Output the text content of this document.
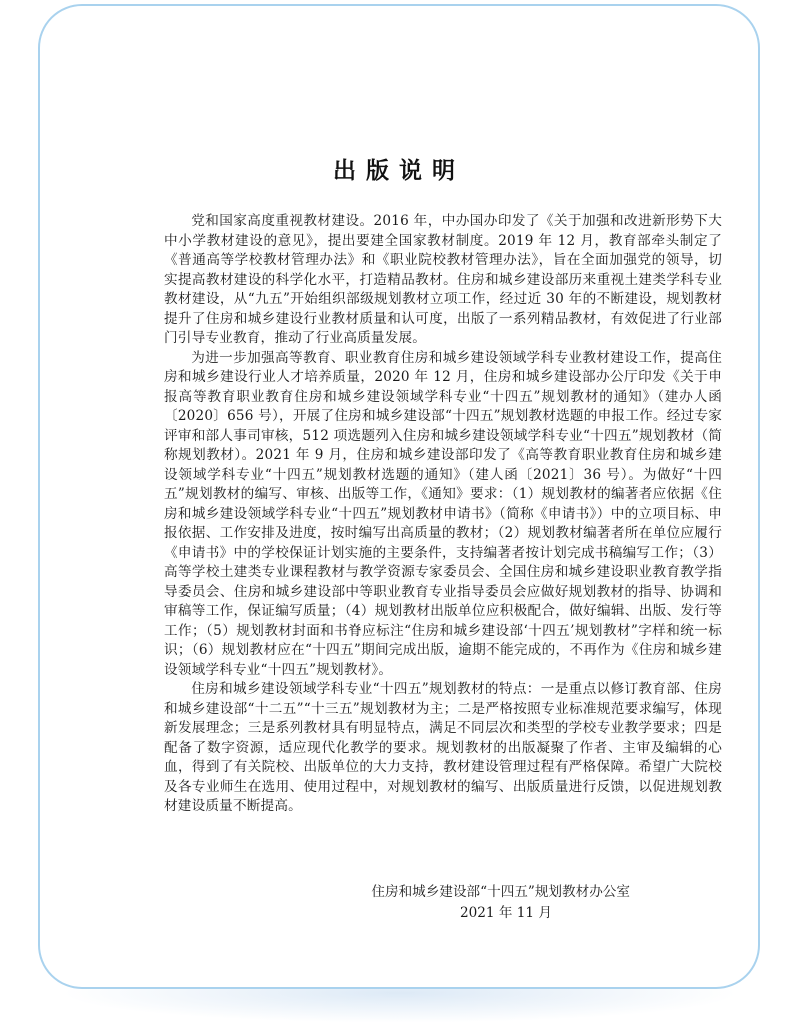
出版说明

党和国家高度重视教材建设。2016 年，中办国办印发了《关于加强和改进新形势下大中小学教材建设的意见》，提出要建全国家教材制度。2019 年 12 月，教育部牵头制定了《普通高等学校教材管理办法》和《职业院校教材管理办法》，旨在全面加强党的领导，切实提高教材建设的科学化水平，打造精品教材。住房和城乡建设部历来重视土建类学科专业教材建设，从“九五”开始组织部级规划教材立项工作，经过近 30 年的不断建设，规划教材提升了住房和城乡建设行业教材质量和认可度，出版了一系列精品教材，有效促进了行业部门引导专业教育，推动了行业高质量发展。

为进一步加强高等教育、职业教育住房和城乡建设领域学科专业教材建设工作，提高住房和城乡建设行业人才培养质量，2020 年 12 月，住房和城乡建设部办公厅印发《关于申报高等教育职业教育住房和城乡建设领域学科专业“十四五”规划教材的通知》（建办人函〔2020〕656 号），开展了住房和城乡建设部“十四五”规划教材选题的申报工作。经过专家评审和部人事司审核，512 项选题列入住房和城乡建设领域学科专业“十四五”规划教材（简称规划教材）。2021 年 9 月，住房和城乡建设部印发了《高等教育职业教育住房和城乡建设领域学科专业“十四五”规划教材选题的通知》（建人函〔2021〕36 号）。为做好“十四五”规划教材的编写、审核、出版等工作，《通知》要求：（1）规划教材的编著者应依据《住房和城乡建设领域学科专业“十四五”规划教材申请书》（简称《申请书》）中的立项目标、申报依据、工作安排及进度，按时编写出高质量的教材；（2）规划教材编著者所在单位应履行《申请书》中的学校保证计划实施的主要条件，支持编著者按计划完成书稿编写工作；（3）高等学校土建类专业课程教材与教学资源专家委员会、全国住房和城乡建设职业教育教学指导委员会、住房和城乡建设部中等职业教育专业指导委员会应做好规划教材的指导、协调和审稿等工作，保证编写质量；（4）规划教材出版单位应积极配合，做好编辑、出版、发行等工作；（5）规划教材封面和书脊应标注“住房和城乡建设部‘十四五’规划教材”字样和统一标识；（6）规划教材应在“十四五”期间完成出版，逾期不能完成的，不再作为《住房和城乡建设领域学科专业“十四五”规划教材》。

住房和城乡建设领域学科专业“十四五”规划教材的特点：一是重点以修订教育部、住房和城乡建设部“十二五”“十三五”规划教材为主；二是严格按照专业标准规范要求编写，体现新发展理念；三是系列教材具有明显特点，满足不同层次和类型的学校专业教学要求；四是配备了数字资源，适应现代化教学的要求。规划教材的出版凝聚了作者、主审及编辑的心血，得到了有关院校、出版单位的大力支持，教材建设管理过程有严格保障。希望广大院校及各专业师生在选用、使用过程中，对规划教材的编写、出版质量进行反馈，以促进规划教材建设质量不断提高。

住房和城乡建设部“十四五”规划教材办公室
2021 年 11 月
